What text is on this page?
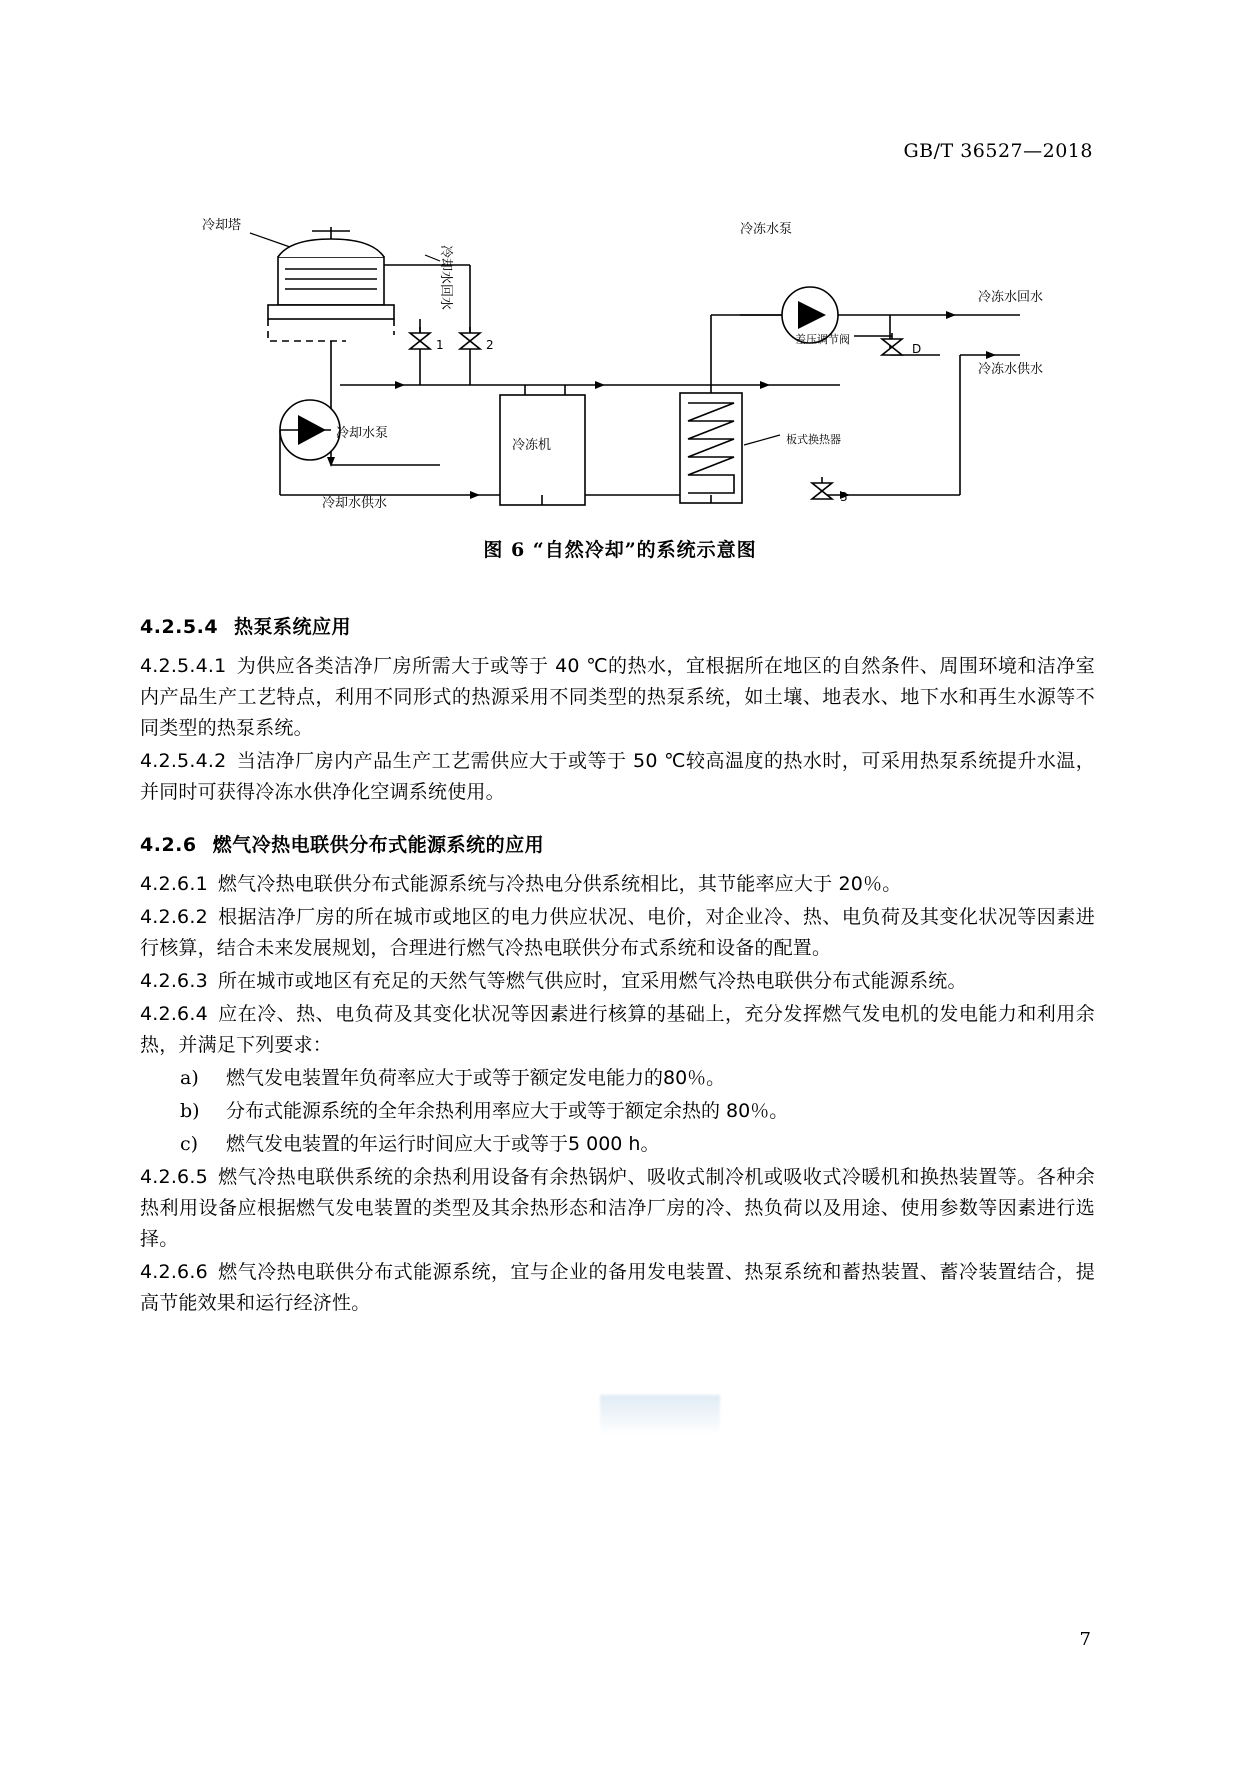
GB/T 36527—2018
冷却塔
冷却水回水
冷冻水泵
冷冻水回水
冷冻水供水
差压调节阀
冷却水泵
冷冻机	板式换热器
冷却水供水
1	2
3
D
图 6 “自然冷却”的系统示意图
4.2.5.4 热泵系统应用

4.2.5.4.1 为供应各类洁净厂房所需大于或等于 40 ℃的热水，宜根据所在地区的自然条件、周围环境和洁净室内产品生产工艺特点，利用不同形式的热源采用不同类型的热泵系统，如土壤、地表水、地下水和再生水源等不同类型的热泵系统。

4.2.5.4.2 当洁净厂房内产品生产工艺需供应大于或等于 50 ℃较高温度的热水时，可采用热泵系统提升水温，并同时可获得冷冻水供净化空调系统使用。

4.2.6 燃气冷热电联供分布式能源系统的应用

4.2.6.1 燃气冷热电联供分布式能源系统与冷热电分供系统相比，其节能率应大于 20％。

4.2.6.2 根据洁净厂房的所在城市或地区的电力供应状况、电价，对企业冷、热、电负荷及其变化状况等因素进行核算，结合未来发展规划，合理进行燃气冷热电联供分布式系统和设备的配置。

4.2.6.3 所在城市或地区有充足的天然气等燃气供应时，宜采用燃气冷热电联供分布式能源系统。

4.2.6.4 应在冷、热、电负荷及其变化状况等因素进行核算的基础上，充分发挥燃气发电机的发电能力和利用余热，并满足下列要求：

a) 燃气发电装置年负荷率应大于或等于额定发电能力的80％。
b) 分布式能源系统的全年余热利用率应大于或等于额定余热的 80％。
c) 燃气发电装置的年运行时间应大于或等于5 000 h。

4.2.6.5 燃气冷热电联供系统的余热利用设备有余热锅炉、吸收式制冷机或吸收式冷暖机和换热装置等。各种余热利用设备应根据燃气发电装置的类型及其余热形态和洁净厂房的冷、热负荷以及用途、使用参数等因素进行选择。

4.2.6.6 燃气冷热电联供分布式能源系统，宜与企业的备用发电装置、热泵系统和蓄热装置、蓄冷装置结合，提高节能效果和运行经济性。

7
